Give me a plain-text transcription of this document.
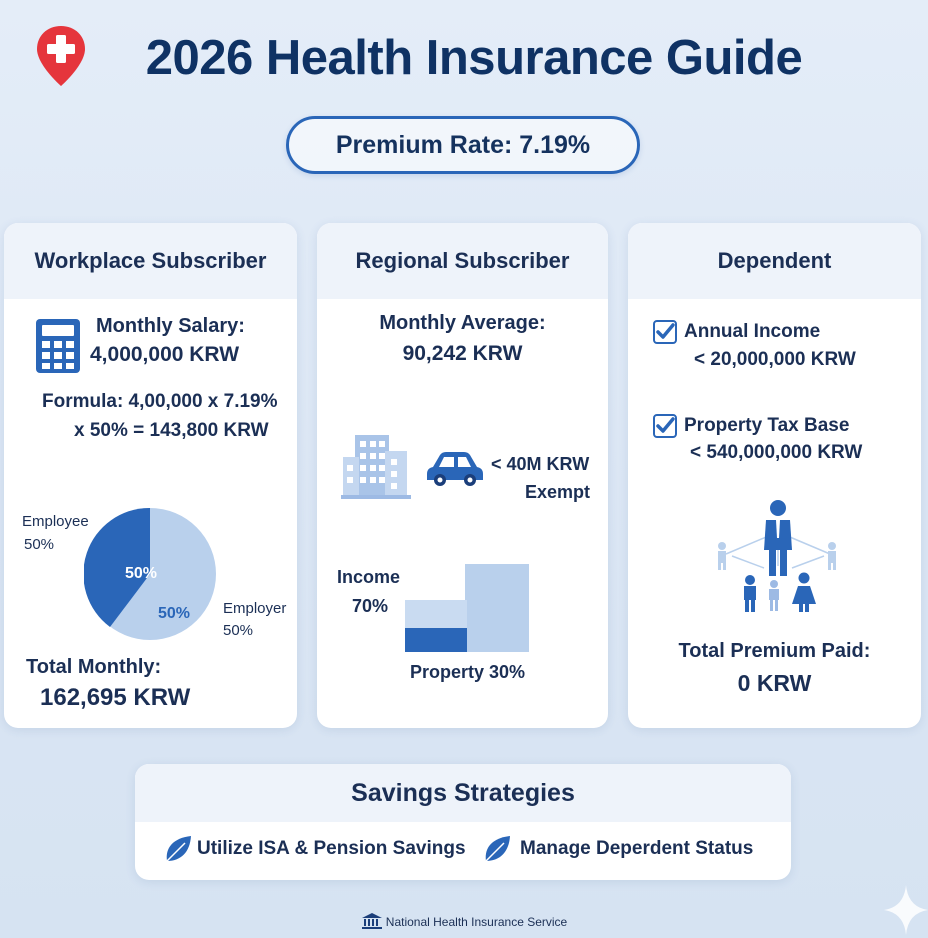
2026 Health Insurance Guide
Premium Rate: 7.19%
Workplace Subscriber
Monthly Salary:
4,000,000 KRW
Formula: 4,00,000 x 7.19%
x 50% = 143,800 KRW
50%
50%
Employee
50%
Employer
50%
Total Monthly:
162,695 KRW
Regional Subscriber
Monthly Average:
90,242 KRW
< 40M KRW
Exempt
Income
70%
Property 30%
Dependent
Annual Income
< 20,000,000 KRW
Property Tax Base
< 540,000,000 KRW
Total Premium Paid:
0 KRW
Savings Strategies
Utilize ISA & Pension Savings	Manage Deperdent Status
National Health Insurance Service
